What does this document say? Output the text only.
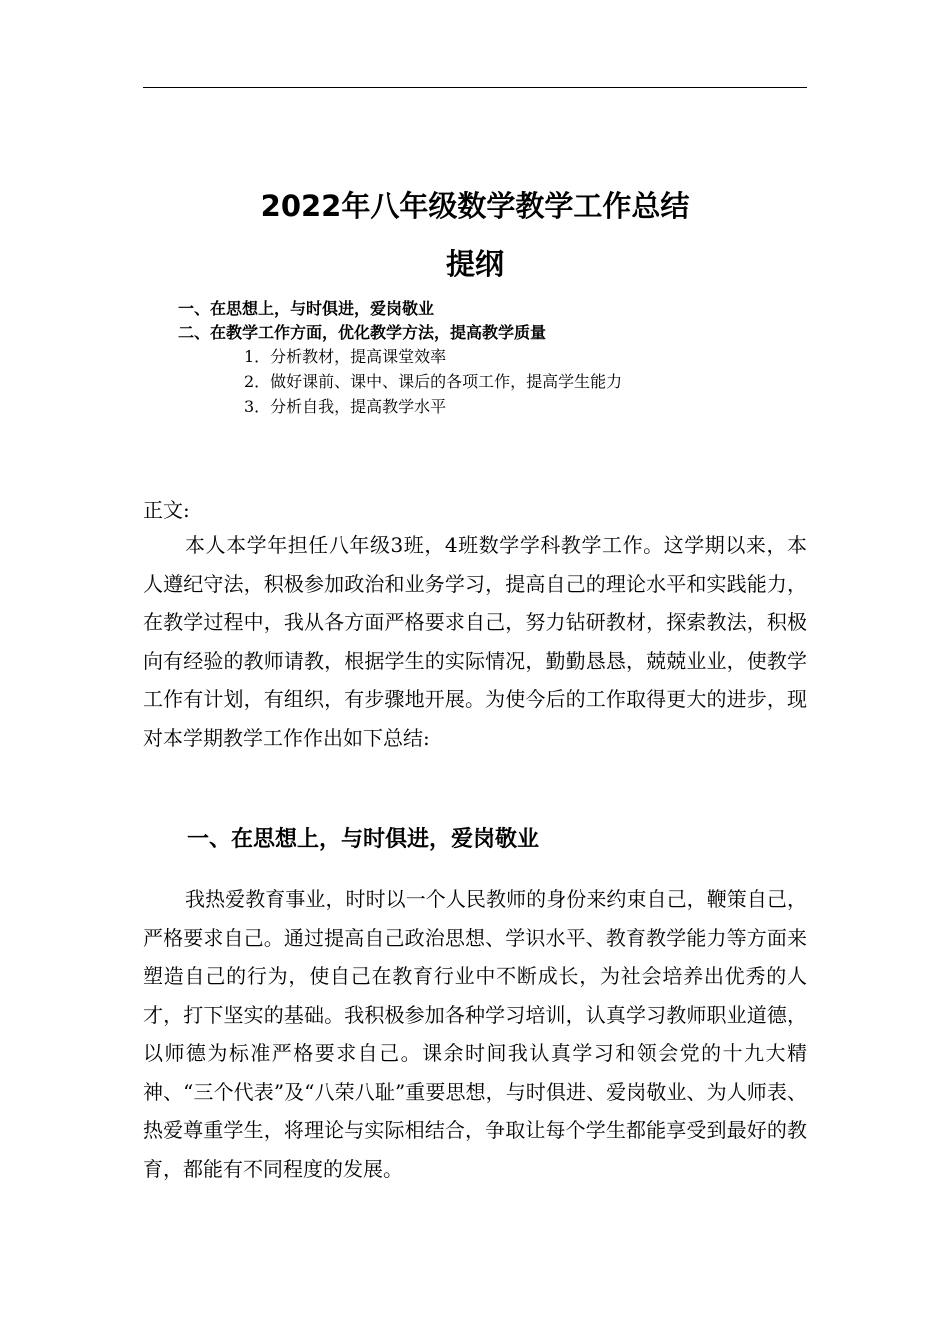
2022年八年级数学教学工作总结
提纲
一、在思想上，与时俱进，爱岗敬业
二、在教学工作方面，优化教学方法，提高教学质量
1．分析教材，提高课堂效率
2．做好课前、课中、课后的各项工作，提高学生能力
3．分析自我，提高教学水平
正文:

本人本学年担任八年级3班，4班数学学科教学工作。这学期以来，本人遵纪守法，积极参加政治和业务学习，提高自己的理论水平和实践能力，在教学过程中，我从各方面严格要求自己，努力钻研教材，探索教法，积极向有经验的教师请教，根据学生的实际情况，勤勤恳恳，兢兢业业，使教学工作有计划，有组织，有步骤地开展。为使今后的工作取得更大的进步，现对本学期教学工作作出如下总结:

一、在思想上，与时俱进，爱岗敬业

我热爱教育事业，时时以一个人民教师的身份来约束自己，鞭策自己，严格要求自己。通过提高自己政治思想、学识水平、教育教学能力等方面来塑造自己的行为，使自己在教育行业中不断成长，为社会培养出优秀的人才，打下坚实的基础。我积极参加各种学习培训，认真学习教师职业道德，以师德为标准严格要求自己。课余时间我认真学习和领会党的十九大精神、“三个代表”及“八荣八耻”重要思想，与时俱进、爱岗敬业、为人师表、热爱尊重学生，将理论与实际相结合，争取让每个学生都能享受到最好的教育，都能有不同程度的发展。
